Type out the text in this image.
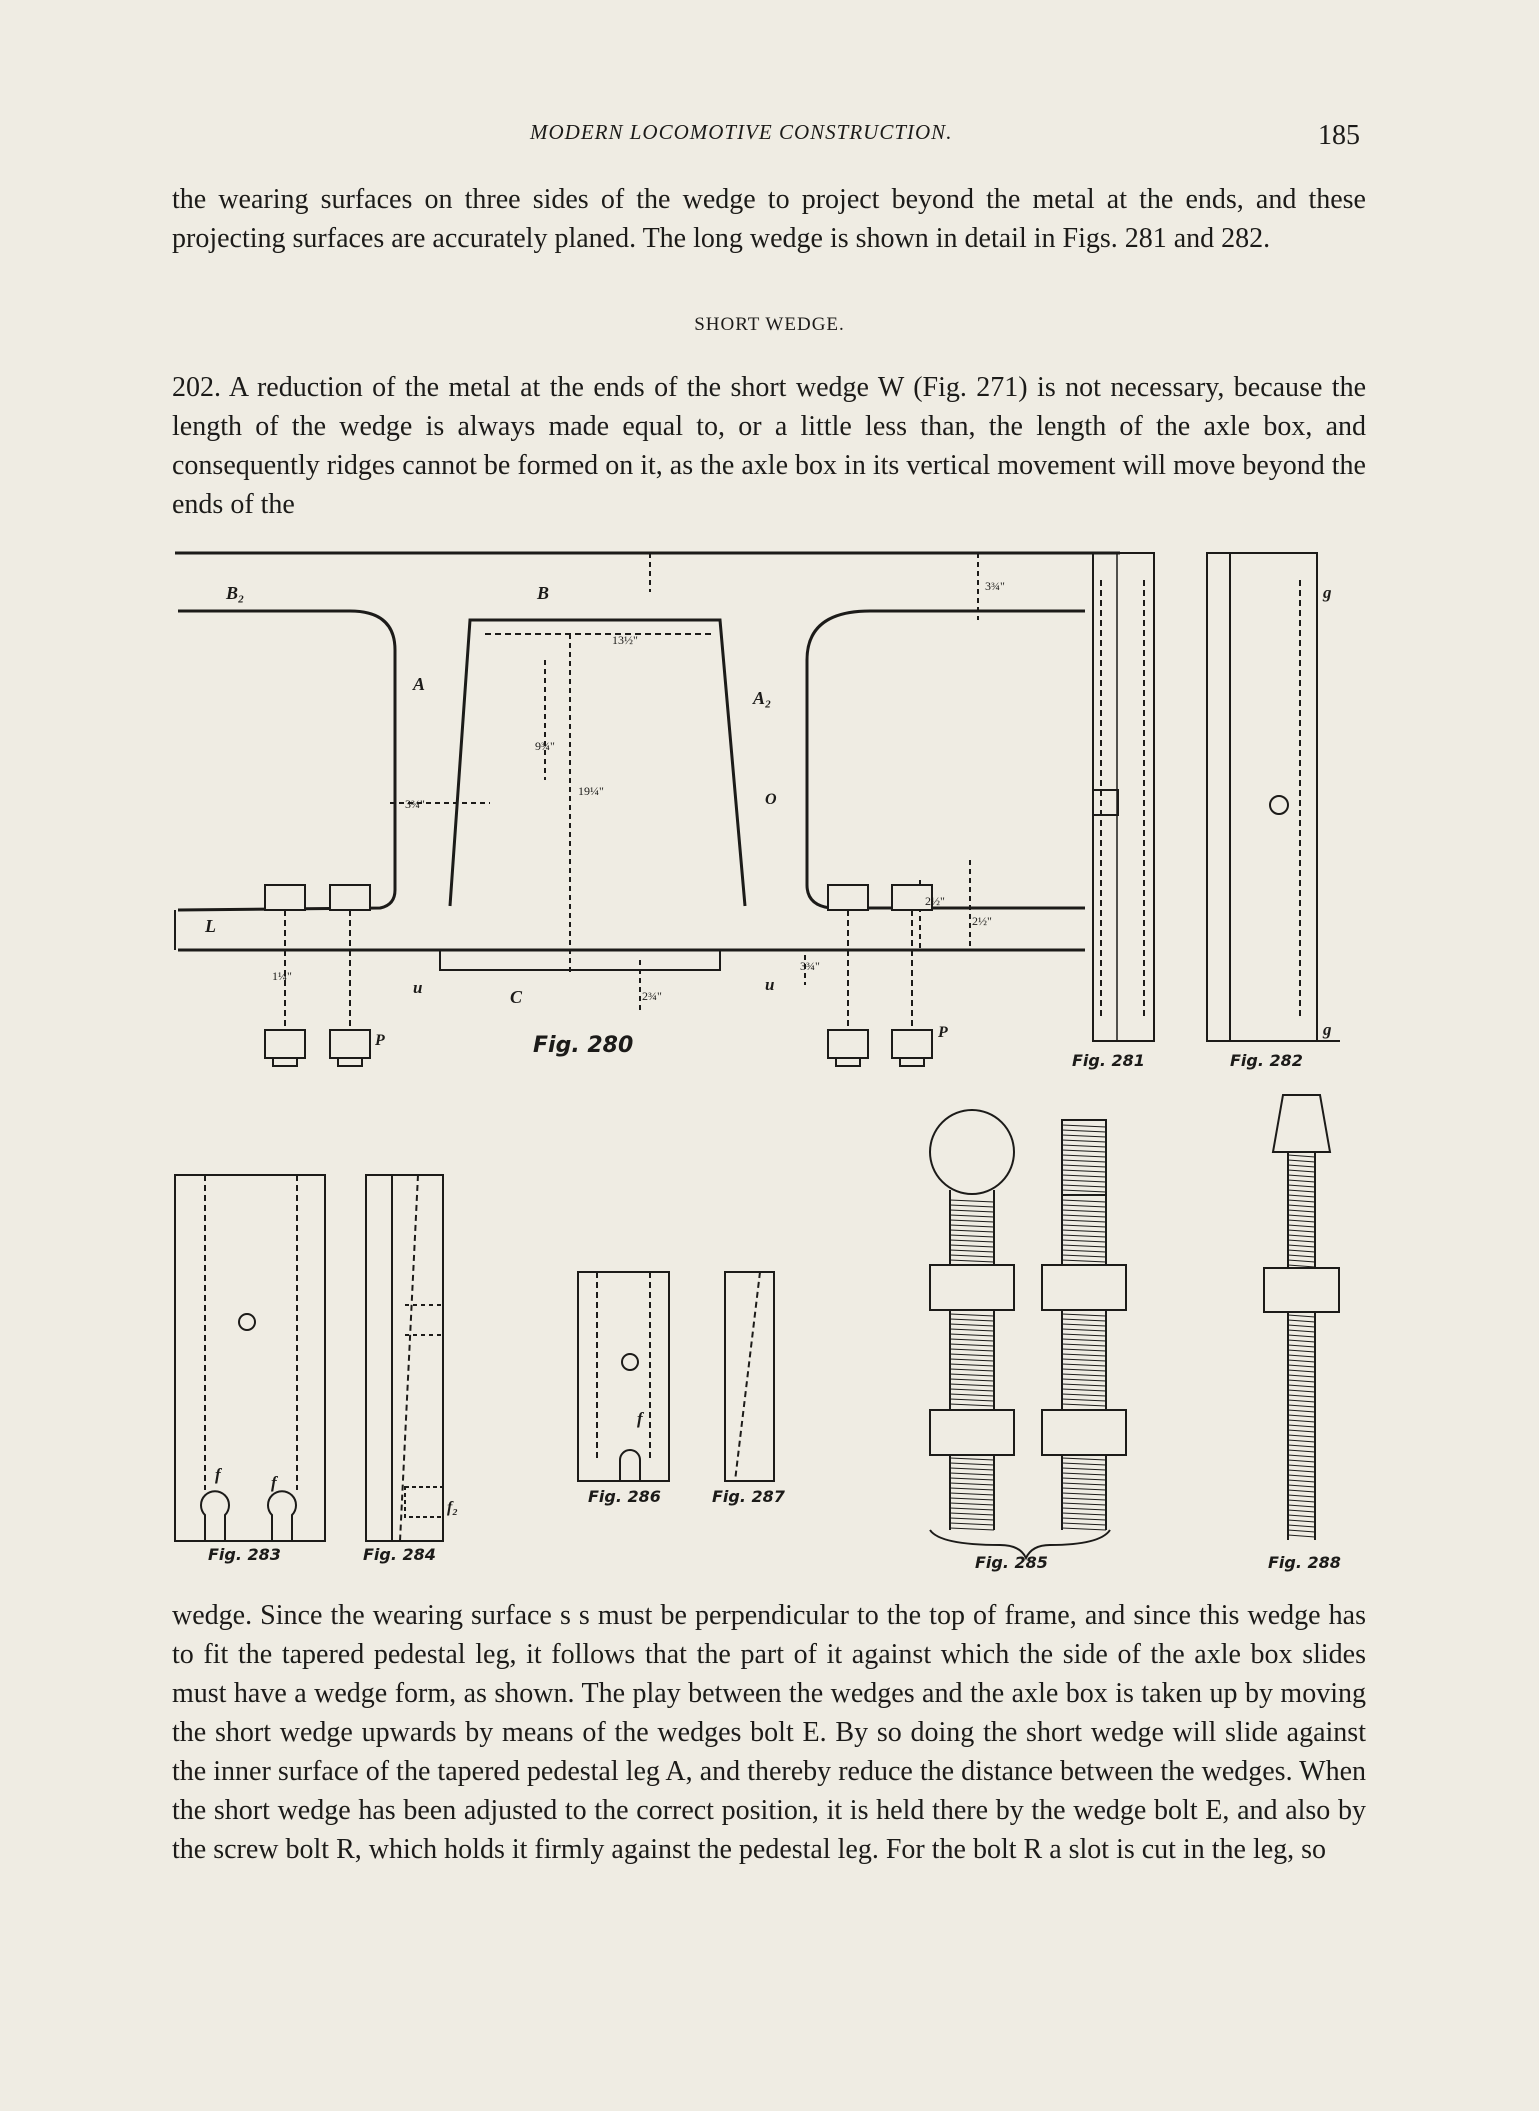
MODERN LOCOMOTIVE CONSTRUCTION.	185

the wearing surfaces on three sides of the wedge to project beyond the metal at the ends, and these projecting surfaces are accurately planed. The long wedge is shown in detail in Figs. 281 and 282.

SHORT WEDGE.

202. A reduction of the metal at the ends of the short wedge W (Fig. 271) is not necessary, because the length of the wedge is always made equal to, or a little less than, the length of the axle box, and consequently ridges cannot be formed on it, as the axle box in its vertical movement will move beyond the ends of the

B₂	B
A
A₂
O
L
C
u	u
P	P
13½"
9¾"
19¼"
3¾"
3¾"
2½"
2½"
2¾"
1¼"
3¾"
Fig. 280
Fig. 281	Fig. 282
g
g
f	f
Fig. 283
f₂
Fig. 284
f
Fig. 286	Fig. 287
Fig. 285	Fig. 288

wedge. Since the wearing surface s s must be perpendicular to the top of frame, and since this wedge has to fit the tapered pedestal leg, it follows that the part of it against which the side of the axle box slides must have a wedge form, as shown. The play between the wedges and the axle box is taken up by moving the short wedge upwards by means of the wedges bolt E. By so doing the short wedge will slide against the inner surface of the tapered pedestal leg A, and thereby reduce the distance between the wedges. When the short wedge has been adjusted to the correct position, it is held there by the wedge bolt E, and also by the screw bolt R, which holds it firmly against the pedestal leg. For the bolt R a slot is cut in the leg, so
